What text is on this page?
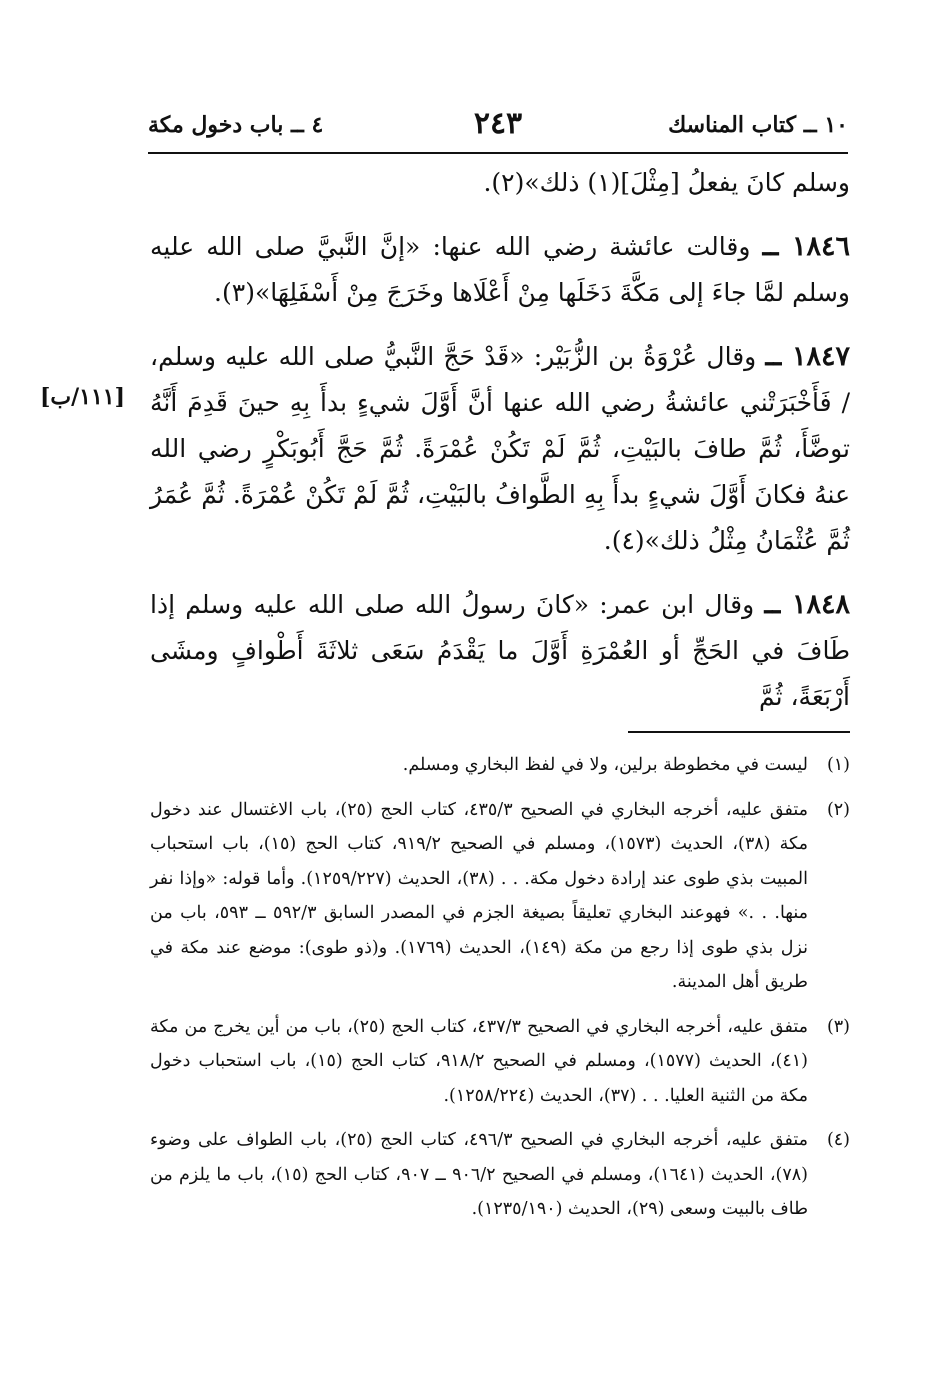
١٠ ــ كتاب المناسك
٢٤٣
٤ ــ باب دخول مكة
[١١١/ب]

وسلم كانَ يفعلُ [مِثْلَ](١) ذلك»(٢).

١٨٤٦ ــ وقالت عائشة رضي الله عنها: «إنَّ النَّبيَّ صلى الله عليه وسلم لمَّا جاءَ إلى مَكَّةَ دَخَلَها مِنْ أَعْلَاها وخَرَجَ مِنْ أَسْفَلِهَا»(٣).

١٨٤٧ ــ وقال عُرْوَةُ بن الزُّبَيْر: «قَدْ حَجَّ النَّبيُّ صلى الله عليه وسلم، / فَأَخْبَرَتْني عائشةُ رضي الله عنها أنَّ أَوَّلَ شيءٍ بدأَ بِهِ حينَ قَدِمَ أَنَّهُ توضَّأَ، ثُمَّ طافَ بالبَيْتِ، ثُمَّ لَمْ تَكُنْ عُمْرَةً. ثُمَّ حَجَّ أَبُوبَكْرٍ رضي الله عنهُ فكانَ أَوَّلَ شيءٍ بدأَ بِهِ الطَّوافُ بالبَيْتِ، ثُمَّ لَمْ تَكُنْ عُمْرَةً. ثُمَّ عُمَرُ ثُمَّ عُثْمَانُ مِثْلُ ذلك»(٤).

١٨٤٨ ــ وقال ابن عمر: «كانَ رسولُ الله صلى الله عليه وسلم إذا طَافَ في الحَجِّ أو العُمْرَةِ أَوَّلَ ما يَقْدَمُ سَعَى ثلاثَةَ أَطْوافٍ ومشَى أَرْبَعَةً، ثُمَّ

(١)
ليست في مخطوطة برلين، ولا في لفظ البخاري ومسلم.
(٢)
متفق عليه، أخرجه البخاري في الصحيح ٤٣٥/٣، كتاب الحج (٢٥)، باب الاغتسال عند دخول مكة (٣٨)، الحديث (١٥٧٣)، ومسلم في الصحيح ٩١٩/٢، كتاب الحج (١٥)، باب استحباب المبيت بذي طوى عند إرادة دخول مكة. . . (٣٨)، الحديث (١٢٥٩/٢٢٧). وأما قوله: «وإذا نفر منها. . .» فهوعند البخاري تعليقاً بصيغة الجزم في المصدر السابق ٥٩٢/٣ ــ ٥٩٣، باب من نزل بذي طوى إذا رجع من مكة (١٤٩)، الحديث (١٧٦٩). و(ذو طوى): موضع عند مكة في طريق أهل المدينة.
(٣)
متفق عليه، أخرجه البخاري في الصحيح ٤٣٧/٣، كتاب الحج (٢٥)، باب من أين يخرج من مكة (٤١)، الحديث (١٥٧٧)، ومسلم في الصحيح ٩١٨/٢، كتاب الحج (١٥)، باب استحباب دخول مكة من الثنية العليا. . . (٣٧)، الحديث (١٢٥٨/٢٢٤).
(٤)
متفق عليه، أخرجه البخاري في الصحيح ٤٩٦/٣، كتاب الحج (٢٥)، باب الطواف على وضوء (٧٨)، الحديث (١٦٤١)، ومسلم في الصحيح ٩٠٦/٢ ــ ٩٠٧، كتاب الحج (١٥)، باب ما يلزم من طاف بالبيت وسعى (٢٩)، الحديث (١٢٣٥/١٩٠).
